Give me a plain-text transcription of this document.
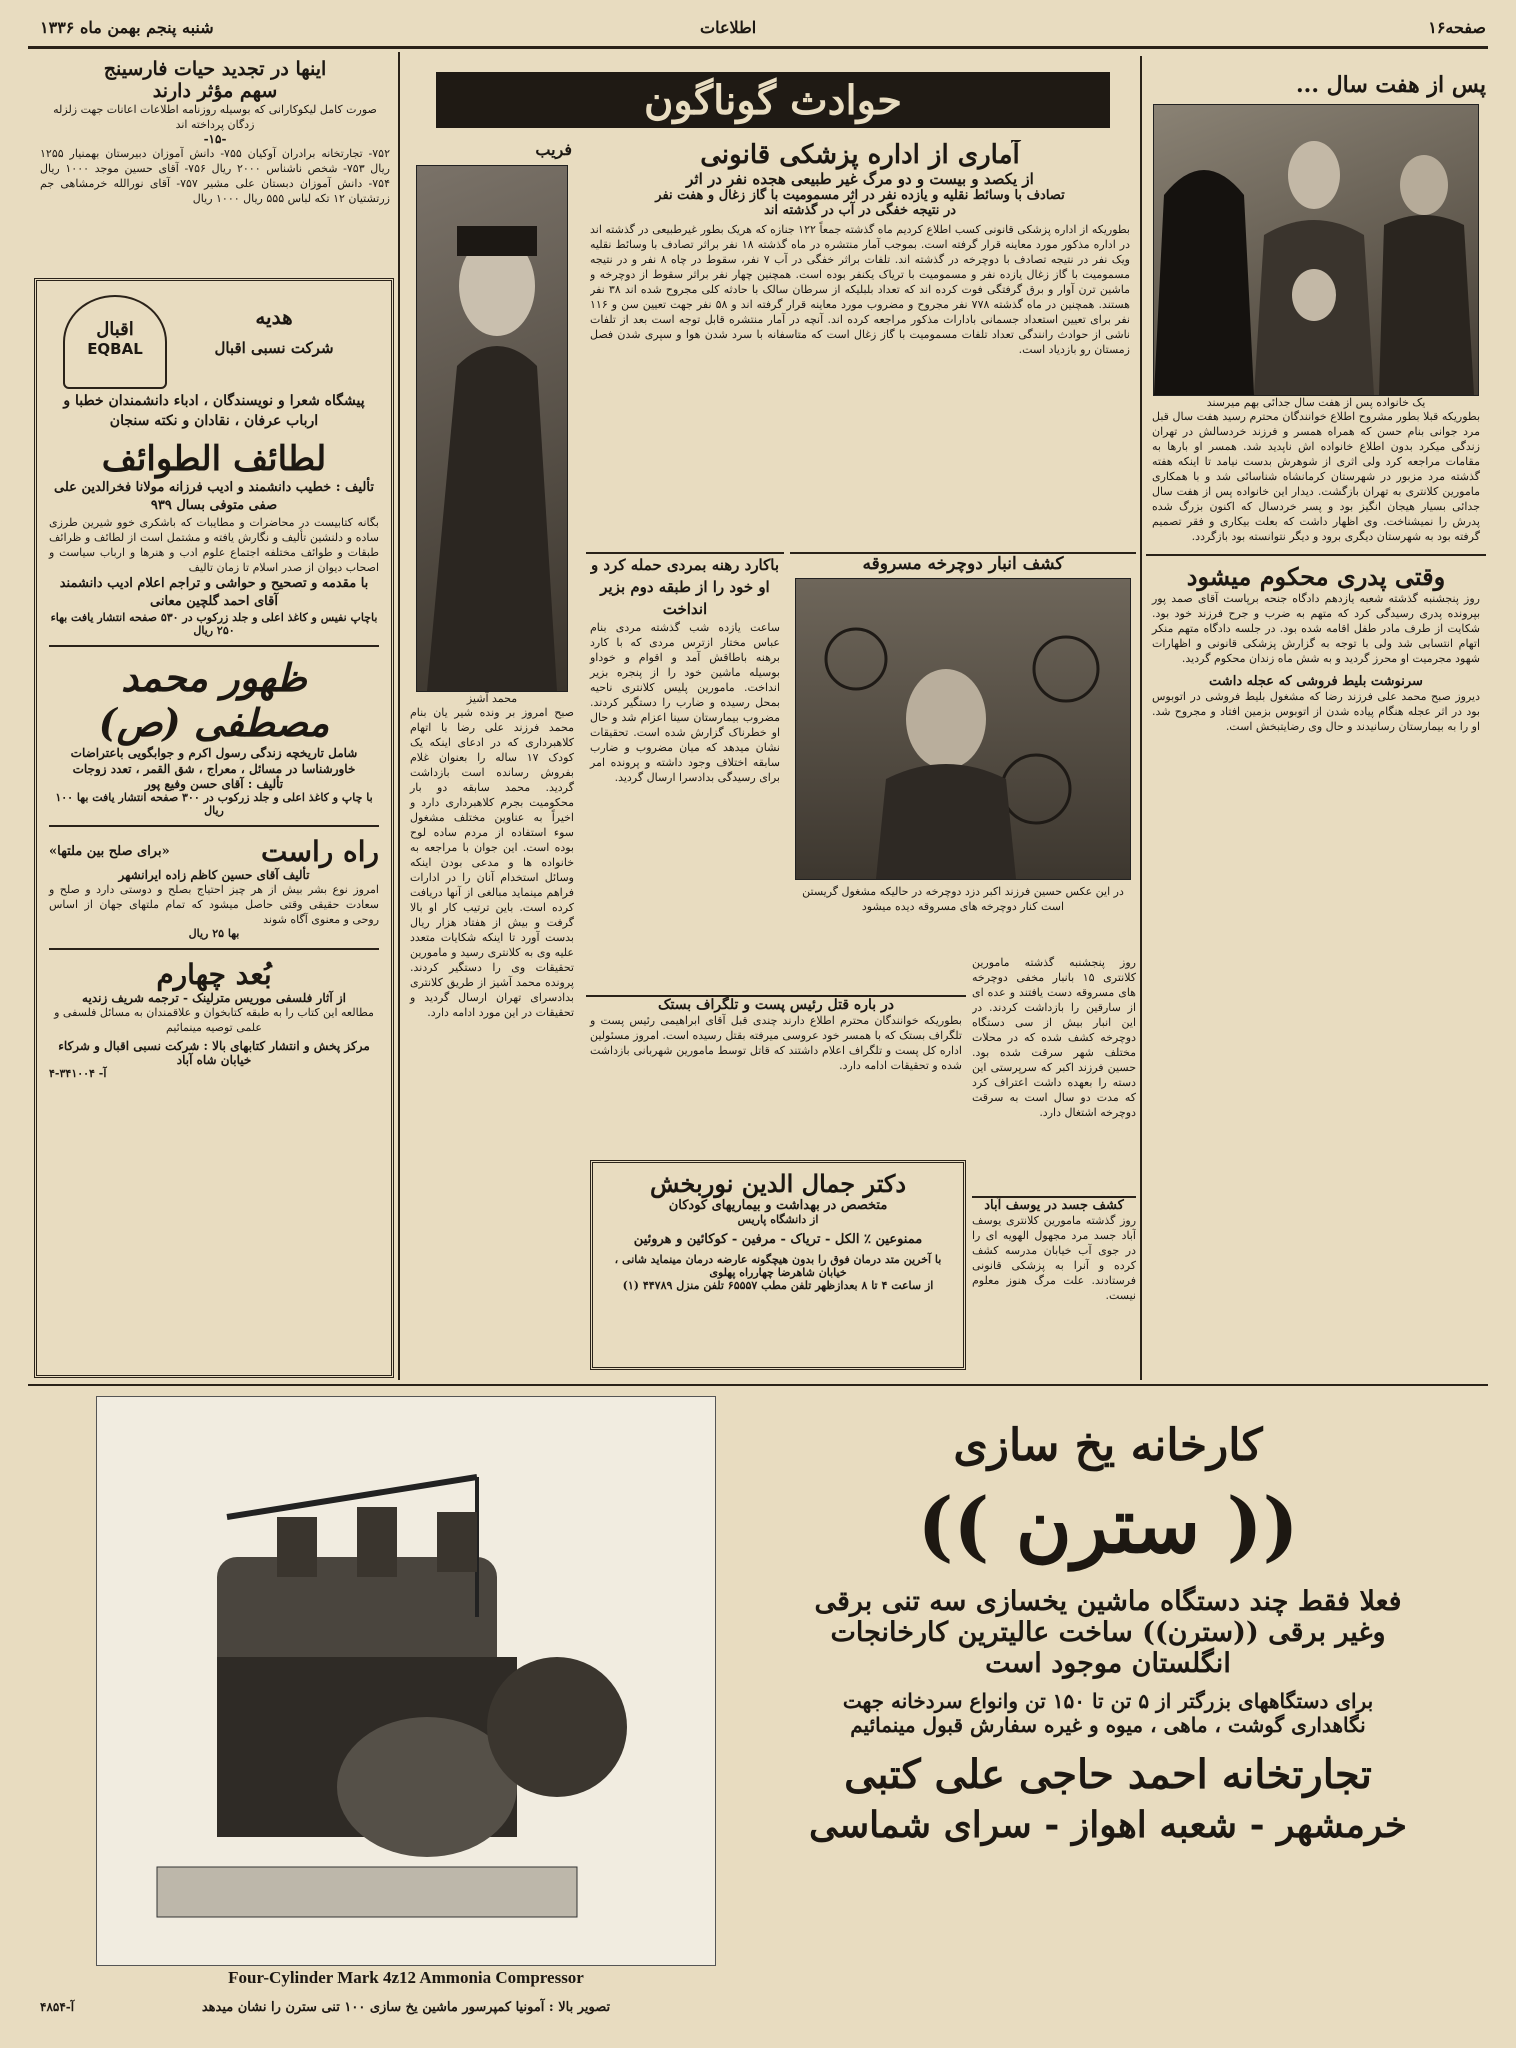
صفحه۱۶
اطلاعات
شنبه پنجم بهمن ماه ۱۳۳۶
اینها در تجدید حیات فارسینج
سهم مؤثر دارند
صورت کامل لیکوکارانی که بوسیله روزنامه اطلاعات اعانات جهت زلزله زدگان پرداخته اند
-۱۵-
۷۵۲- تجارتخانه برادران آوکیان ۷۵۵- دانش آموزان دبیرستان بهمنیار ۱۲۵۵ ریال ۷۵۳- شخص ناشناس ۲۰۰۰ ریال ۷۵۶- آقای حسین موجد ۱۰۰۰ ریال ۷۵۴- دانش آموزان دبستان علی مشیر ۷۵۷- آقای نورالله خرمشاهی جم زرتشتیان ۱۲ تکه لباس ۵۵۵ ریال ۱۰۰۰ ریال
اقبال
EQBAL
هدیه
شرکت نسبی اقبال
پیشگاه شعرا و نویسندگان ، ادباء دانشمندان خطبا و ارباب عرفان ، نقادان و نکته سنجان
لطائف الطوائف
تألیف : خطیب دانشمند و ادیب فرزانه مولانا فخرالدین علی صفی متوفی بسال ۹۳۹
بگانه کتابیست در محاضرات و مطایبات که باشکری خوو شیرین طرزی ساده و دلنشین تألیف و نگارش یافته و مشتمل است از لطائف و ظرائف طبقات و طوائف مختلفه اجتماع علوم ادب و هنرها و ارباب سیاست و اصحاب دیوان از صدر اسلام تا زمان تالیف
با مقدمه و تصحیح و حواشی و تراجم اعلام ادیب دانشمند آقای احمد گلچین معانی
باچاپ نفیس و کاغذ اعلی و جلد زرکوب در ۵۳۰ صفحه انتشار یافت بهاء ۲۵۰ ریال
ظهور محمد مصطفی (ص)
شامل تاریخچه زندگی رسول اکرم و جوابگویی باعتراضات خاورشناسا در مسائل ، معراج ، شق القمر ، تعدد زوجات
تألیف : آقای حسن وفیع پور
با چاپ و کاغذ اعلی و جلد زرکوب در ۳۰۰ صفحه انتشار یافت بها ۱۰۰ ریال
راه راست
«برای صلح بین ملتها»
تألیف آقای حسین کاظم زاده ایرانشهر
امروز نوع بشر بیش از هر چیز احتیاج بصلح و دوستی دارد و صلح و سعادت حقیقی وقتی حاصل میشود که تمام ملتهای جهان از اساس روحی و معنوی آگاه شوند
بها ۲۵ ریال
بُعد چهارم
از آثار فلسفی موریس مترلینک - ترجمه شریف زندیه
مطالعه این کتاب را به طبقه کتابخوان و علاقمندان به مسائل فلسفی و علمی توصیه مینمائیم
مرکز پخش و انتشار کتابهای بالا : شرکت نسبی اقبال و شرکاء خیابان شاه آباد
آ- ۳۴۱۰۰۴-۴
حوادث گوناگون
فریب
محمد آشیز
صبح امروز بر ونده شیر یان بنام محمد فرزند علی رضا با اتهام کلاهبرداری که در ادعای اینکه یک کودک ۱۷ ساله را بعنوان غلام بفروش رسانده است بازداشت گردید. محمد سابقه دو بار محکومیت بجرم کلاهبرداری دارد و اخیراً به عناوین مختلف مشغول سوء استفاده از مردم ساده لوح بوده است. این جوان با مراجعه به خانواده ها و مدعی بودن اینکه وسائل استخدام آنان را در ادارات فراهم مینماید مبالغی از آنها دریافت کرده است. باین ترتیب کار او بالا گرفت و بیش از هفتاد هزار ریال بدست آورد تا اینکه شکایات متعدد علیه وی به کلانتری رسید و مامورین تحقیقات وی را دستگیر کردند. پرونده محمد آشیز از طریق کلانتری بدادسرای تهران ارسال گردید و تحقیقات در این مورد ادامه دارد.
آماری از اداره پزشکی قانونی
از یکصد و بیست و دو مرگ غیر طبیعی هجده نفر در اثر
تصادف با وسائط نقلیه و یازده نفر در اثر مسمومیت با گاز زغال و هفت نفر
در نتیجه خفگی در آب در گذشته اند
بطوریکه از اداره پزشکی قانونی کسب اطلاع کردیم ماه گذشته جمعاً ۱۲۲ جنازه که هریک بطور غیرطبیعی در گذشته اند در اداره مذکور مورد معاینه قرار گرفته است. بموجب آمار منتشره در ماه گذشته ۱۸ نفر براثر تصادف با وسائط نقلیه ویک نفر در نتیجه تصادف با دوچرخه در گذشته اند. تلفات براثر خفگی در آب ۷ نفر، سقوط در چاه ۸ نفر و در نتیجه مسمومیت با گاز زغال یازده نفر و مسمومیت با تریاک یکنفر بوده است. همچنین چهار نفر براثر سقوط از دوچرخه و ماشین ترن آوار و برق گرفتگی فوت کرده اند که تعداد بلبلیکه از سرطان سالک با حادثه کلی مجروح شده اند ۳۸ نفر هستند. همچنین در ماه گذشته ۷۷۸ نفر مجروح و مضروب مورد معاینه قرار گرفته اند و ۵۸ نفر جهت تعیین سن و ۱۱۶ نفر برای تعیین استعداد جسمانی بادارات مذکور مراجعه کرده اند. آنچه در آمار منتشره قابل توجه است بعد از تلفات ناشی از حوادث رانندگی تعداد تلفات مسمومیت با گاز زغال است که متاسفانه با سرد شدن هوا و سپری شدن فصل زمستان رو بازدیاد است.
باکارد رهنه بمردی حمله کرد و او خود را از طبقه دوم بزیر انداخت
ساعت یازده شب گذشته مردی بنام عباس مختار ازترس مردی که با کارد برهنه باطاقش آمد و اقوام و خوداو بوسیله ماشین خود را از پنجره بزیر انداخت. مامورین پلیس کلانتری ناحیه بمحل رسیده و ضارب را دستگیر کردند. مضروب بیمارستان سینا اعزام شد و حال او خطرناک گزارش شده است. تحقیقات نشان میدهد که میان مضروب و ضارب سابقه اختلاف وجود داشته و پرونده امر برای رسیدگی بدادسرا ارسال گردید.
کشف انبار دوچرخه مسروقه
در این عکس حسین فرزند اکبر دزد دوچرخه در حالیکه مشغول گریستن است کنار دوچرخه های مسروقه دیده میشود
در باره قتل رئیس پست و تلگراف بستک
بطوریکه خوانندگان محترم اطلاع دارند چندی قبل آقای ابراهیمی رئیس پست و تلگراف بستک که با همسر خود عروسی میرفته بقتل رسیده است. امروز مسئولین اداره کل پست و تلگراف اعلام داشتند که قاتل توسط مامورین شهربانی بازداشت شده و تحقیقات ادامه دارد.
روز پنجشنبه گذشته مامورین کلانتری ۱۵ بانبار مخفی دوچرخه های مسروقه دست یافتند و عده ای از سارقین را بازداشت کردند. در این انبار بیش از سی دستگاه دوچرخه کشف شده که در محلات مختلف شهر سرقت شده بود. حسین فرزند اکبر که سرپرستی این دسته را بعهده داشت اعتراف کرد که مدت دو سال است به سرقت دوچرخه اشتغال دارد.
دکتر جمال الدین نوربخش
متخصص در بهداشت و بیماریهای کودکان
از دانشگاه پاریس
ممنوعین ٪ الکل - تریاک - مرفین - کوکائین و هروئین
با آخرین متد درمان فوق را بدون هیچگونه عارضه درمان مینماید شانی ، خیابان شاهرضا چهارراه پهلوی
از ساعت ۴ تا ۸ بعدازظهر تلفن مطب ۶۵۵۵۷ تلفن منزل ۴۴۷۸۹ (۱)
کشف جسد در یوسف آباد
روز گذشته مامورین کلانتری یوسف آباد جسد مرد مجهول الهویه ای را در جوی آب خیابان مدرسه کشف کرده و آنرا به پزشکی قانونی فرستادند. علت مرگ هنوز معلوم نیست.
پس از هفت سال ...
یک خانواده پس از هفت سال جدائی بهم میرسند
بطوریکه قبلا بطور مشروح اطلاع خوانندگان محترم رسید هفت سال قبل مرد جوانی بنام حسن که همراه همسر و فرزند خردسالش در تهران زندگی میکرد بدون اطلاع خانواده اش ناپدید شد. همسر او بارها به مقامات مراجعه کرد ولی اثری از شوهرش بدست نیامد تا اینکه هفته گذشته مرد مزبور در شهرستان کرمانشاه شناسائی شد و با همکاری مامورین کلانتری به تهران بازگشت. دیدار این خانواده پس از هفت سال جدائی بسیار هیجان انگیز بود و پسر خردسال که اکنون بزرگ شده پدرش را نمیشناخت. وی اظهار داشت که بعلت بیکاری و فقر تصمیم گرفته بود به شهرستان دیگری برود و دیگر نتوانسته بود بازگردد.
وقتی پدری محکوم میشود
روز پنجشنبه گذشته شعبه یازدهم دادگاه جنحه برپاست آقای صمد پور بپرونده پدری رسیدگی کرد که متهم به ضرب و جرح فرزند خود بود. شکایت از طرف مادر طفل اقامه شده بود. در جلسه دادگاه متهم منکر اتهام انتسابی شد ولی با توجه به گزارش پزشکی قانونی و اظهارات شهود مجرمیت او محرز گردید و به شش ماه زندان محکوم گردید.
سرنوشت بلیط فروشی که عجله داشت
دیروز صبح محمد علی فرزند رضا که مشغول بلیط فروشی در اتوبوس بود در اثر عجله هنگام پیاده شدن از اتوبوس بزمین افتاد و مجروح شد. او را به بیمارستان رسانیدند و حال وی رضایتبخش است.
Four-Cylinder Mark 4z12 Ammonia Compressor
تصویر بالا : آمونیا کمپرسور ماشین یخ سازی ۱۰۰ تنی سترن را نشان میدهد
آ-۴۸۵۴
کارخانه یخ سازی
(( سترن ))
فعلا فقط چند دستگاه ماشین یخسازی سه تنی برقی
وغیر برقی ((سترن)) ساخت عالیترین کارخانجات
انگلستان موجود است
برای دستگاههای بزرگتر از ۵ تن تا ۱۵۰ تن وانواع سردخانه جهت
نگاهداری گوشت ، ماهی ، میوه و غیره سفارش قبول مینمائیم
تجارتخانه احمد حاجی علی کتبی
خرمشهر - شعبه اهواز - سرای شماسی
